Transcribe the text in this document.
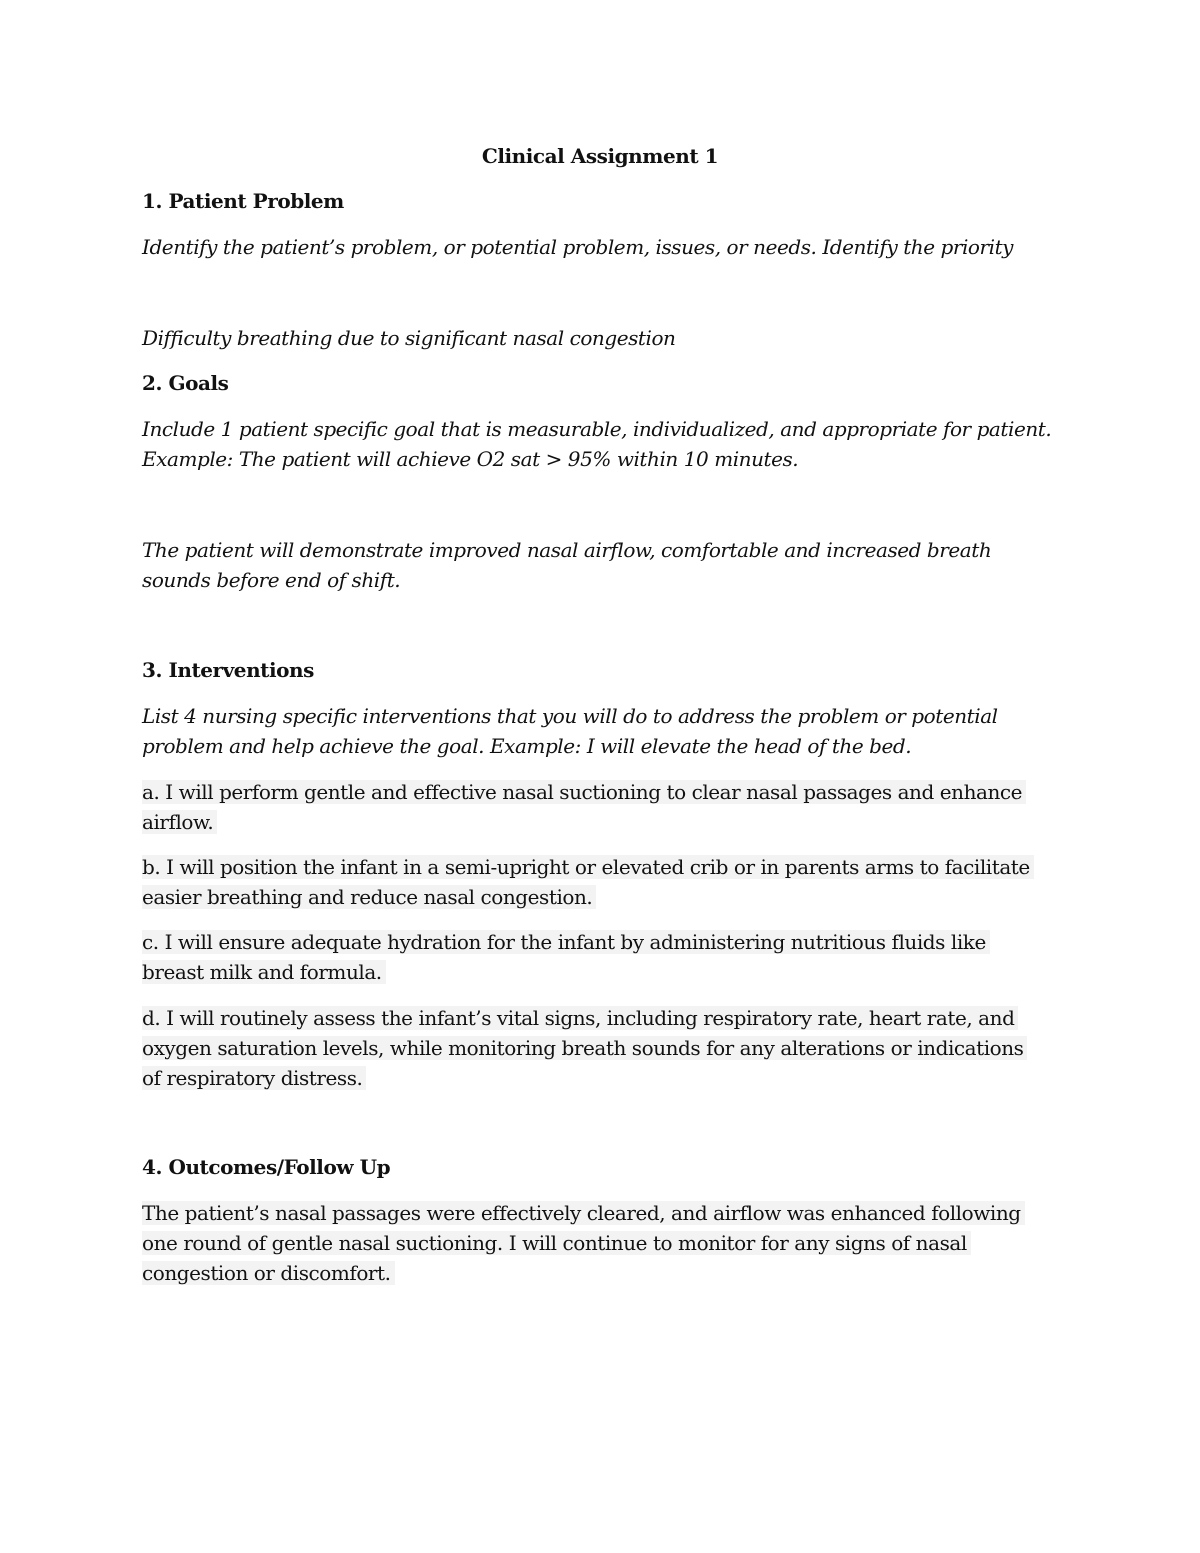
Clinical Assignment 1
1. Patient Problem
Identify the patient’s problem, or potential problem, issues, or needs. Identify the priority
Difficulty breathing due to significant nasal congestion
2. Goals
Include 1 patient specific goal that is measurable, individualized, and appropriate for patient.
Example: The patient will achieve O2 sat > 95% within 10 minutes.
The patient will demonstrate improved nasal airflow, comfortable and increased breath
sounds before end of shift.
3. Interventions
List 4 nursing specific interventions that you will do to address the problem or potential
problem and help achieve the goal. Example: I will elevate the head of the bed.
a. I will perform gentle and effective nasal suctioning to clear nasal passages and enhance
airflow.
b. I will position the infant in a semi-upright or elevated crib or in parents arms to facilitate
easier breathing and reduce nasal congestion.
c. I will ensure adequate hydration for the infant by administering nutritious fluids like
breast milk and formula.
d. I will routinely assess the infant’s vital signs, including respiratory rate, heart rate, and
oxygen saturation levels, while monitoring breath sounds for any alterations or indications
of respiratory distress.
4. Outcomes/Follow Up
The patient’s nasal passages were effectively cleared, and airflow was enhanced following
one round of gentle nasal suctioning. I will continue to monitor for any signs of nasal
congestion or discomfort.
